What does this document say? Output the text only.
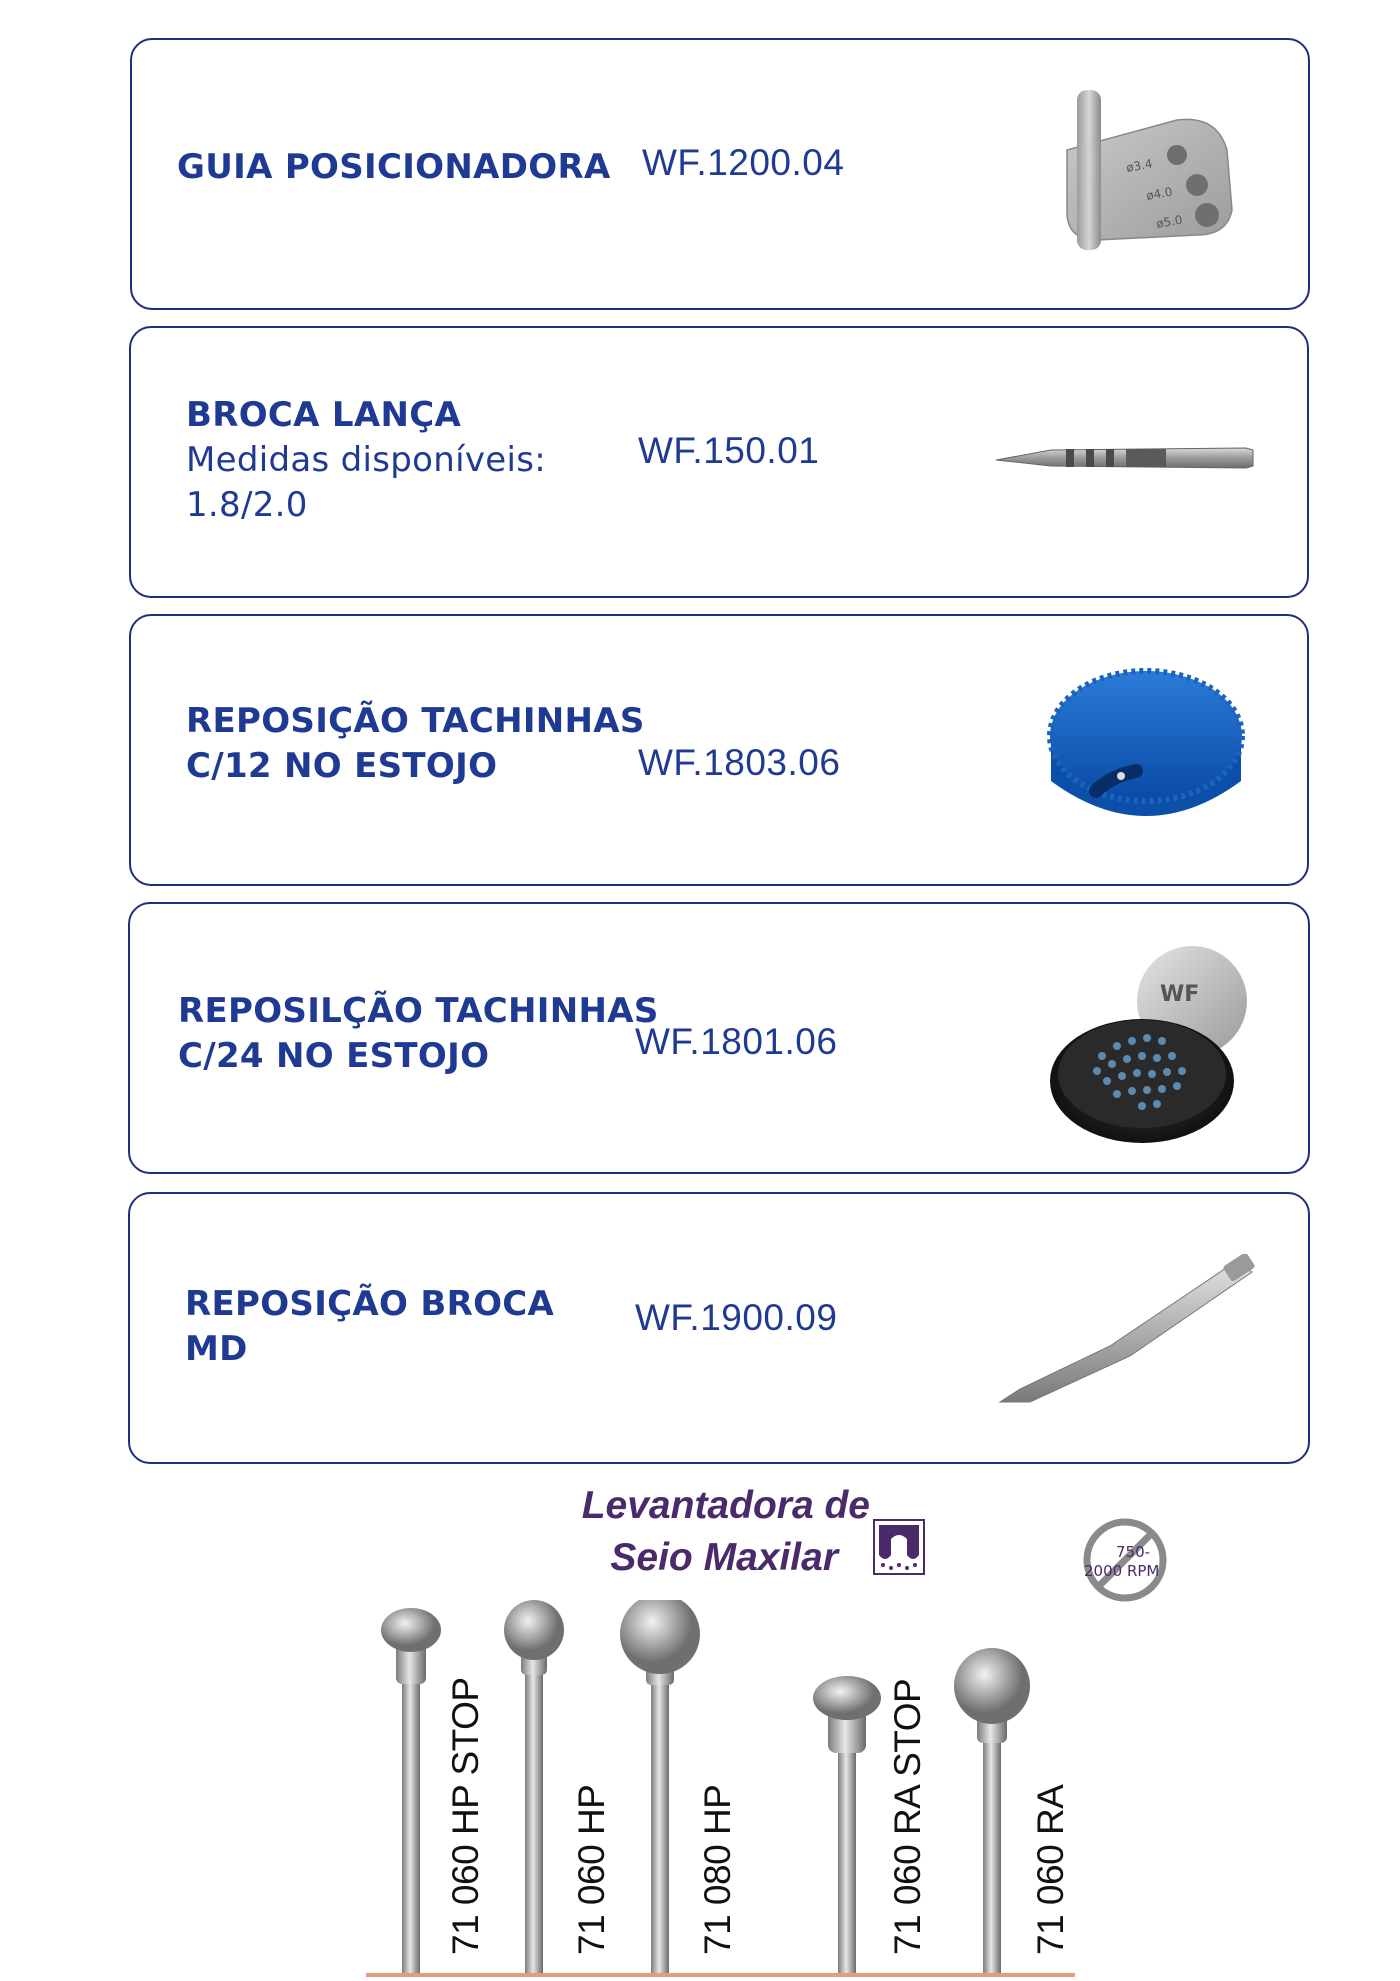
GUIA POSICIONADORA WF.1200.04	ø3.4
ø4.0
ø5.0
BROCA LANÇA
Medidas disponíveis:
1.8/2.0
WF.150.01
REPOSIÇÃO TACHINHAS
C/12 NO ESTOJO	WF.1803.06
REPOSILÇÃO TACHINHAS
C/24 NO ESTOJO	WF.1801.06
WF
REPOSIÇÃO BROCA
MD
WF.1900.09
Levantadora de
Seio Maxilar	750-
2000 RPM
71 060 HP STOP 71 060 HP 71 080 HP	71 060 RA STOP	71 060 RA
